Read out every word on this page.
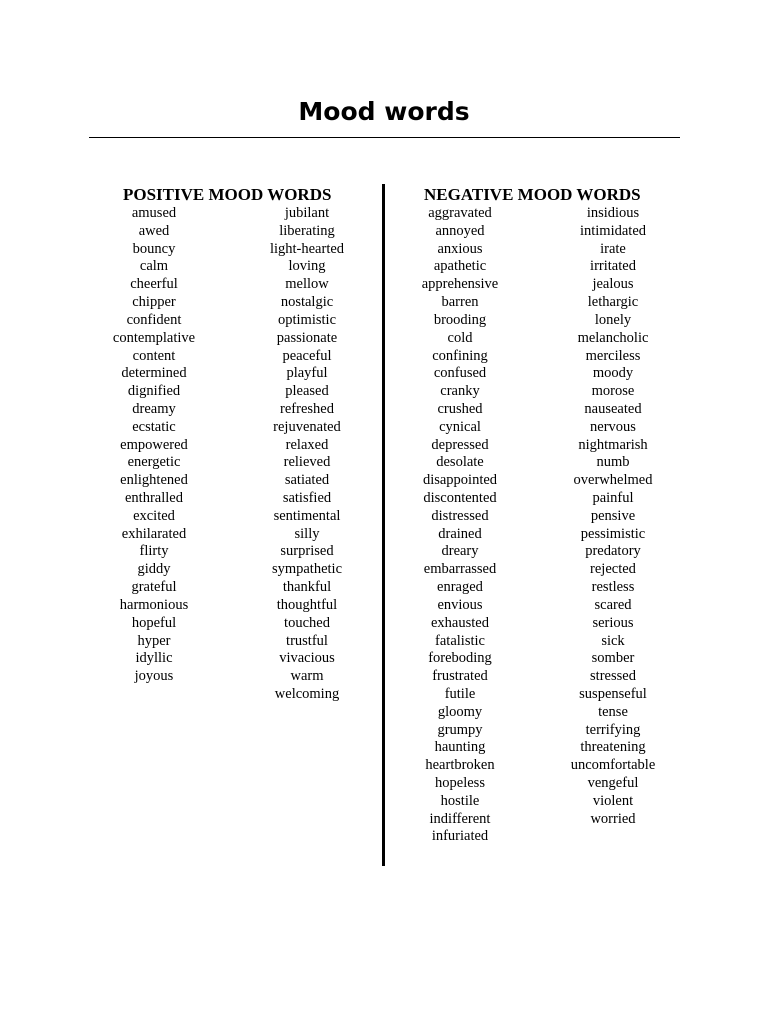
Mood words
POSITIVE MOOD WORDS	NEGATIVE MOOD WORDS
amused
awed
bouncy
calm
cheerful
chipper
confident
contemplative
content
determined
dignified
dreamy
ecstatic
empowered
energetic
enlightened
enthralled
excited
exhilarated
flirty
giddy
grateful
harmonious
hopeful
hyper
idyllic
joyous
jubilant
liberating
light-hearted
loving
mellow
nostalgic
optimistic
passionate
peaceful
playful
pleased
refreshed
rejuvenated
relaxed
relieved
satiated
satisfied
sentimental
silly
surprised
sympathetic
thankful
thoughtful
touched
trustful
vivacious
warm
welcoming
aggravated
annoyed
anxious
apathetic
apprehensive
barren
brooding
cold
confining
confused
cranky
crushed
cynical
depressed
desolate
disappointed
discontented
distressed
drained
dreary
embarrassed
enraged
envious
exhausted
fatalistic
foreboding
frustrated
futile
gloomy
grumpy
haunting
heartbroken
hopeless
hostile
indifferent
infuriated
insidious
intimidated
irate
irritated
jealous
lethargic
lonely
melancholic
merciless
moody
morose
nauseated
nervous
nightmarish
numb
overwhelmed
painful
pensive
pessimistic
predatory
rejected
restless
scared
serious
sick
somber
stressed
suspenseful
tense
terrifying
threatening
uncomfortable
vengeful
violent
worried
